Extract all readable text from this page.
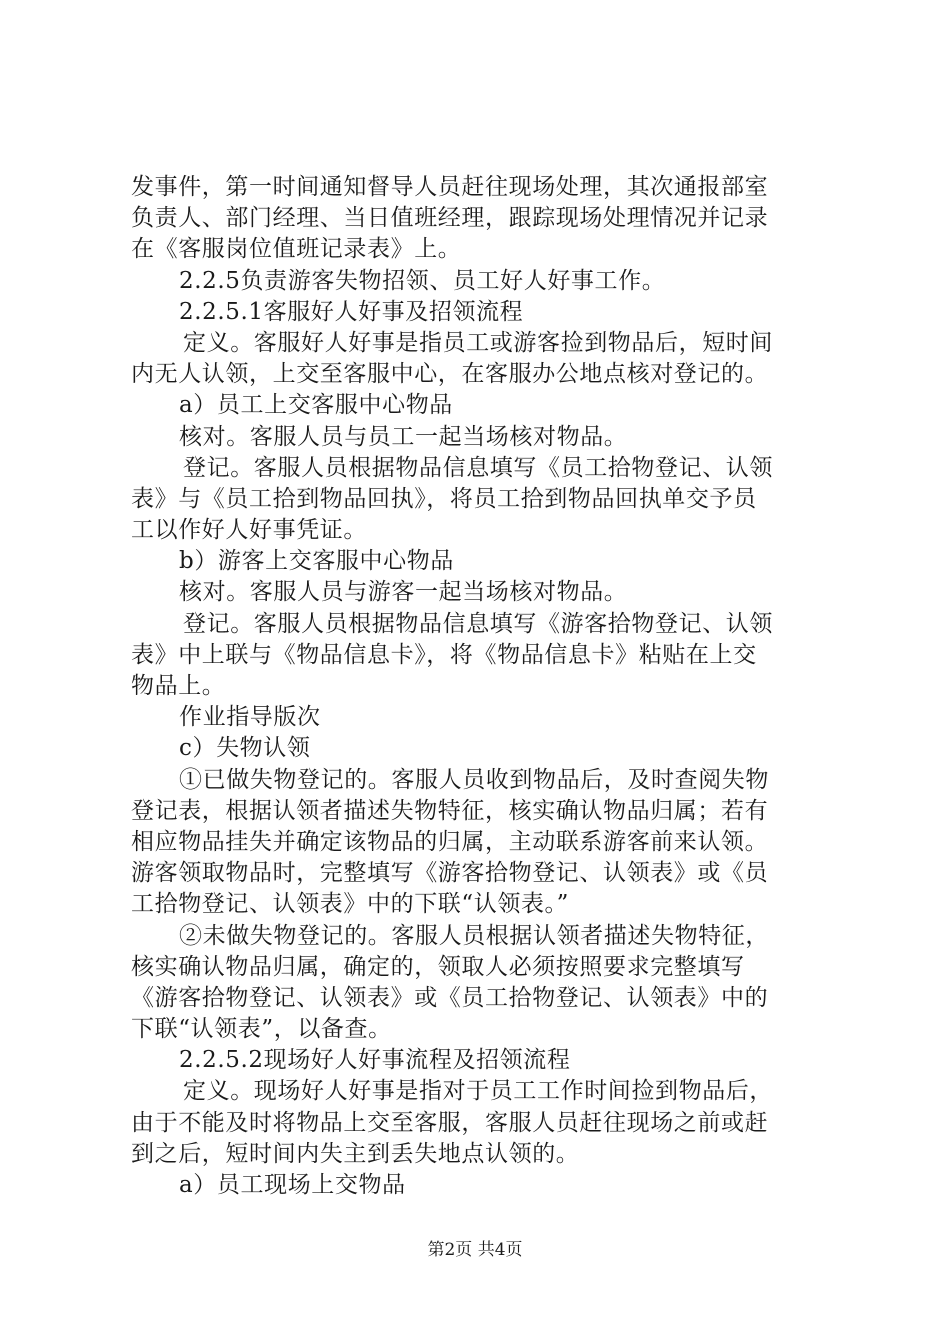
发事件，第一时间通知督导人员赶往现场处理，其次通报部室
负责人、部门经理、当日值班经理，跟踪现场处理情况并记录
在《客服岗位值班记录表》上。
2.2.5负责游客失物招领、员工好人好事工作。
2.2.5.1客服好人好事及招领流程
定义。客服好人好事是指员工或游客捡到物品后，短时间
内无人认领，上交至客服中心，在客服办公地点核对登记的。
a）员工上交客服中心物品
核对。客服人员与员工一起当场核对物品。
登记。客服人员根据物品信息填写《员工拾物登记、认领
表》与《员工拾到物品回执》，将员工拾到物品回执单交予员
工以作好人好事凭证。
b）游客上交客服中心物品
核对。客服人员与游客一起当场核对物品。
登记。客服人员根据物品信息填写《游客拾物登记、认领
表》中上联与《物品信息卡》，将《物品信息卡》粘贴在上交
物品上。
作业指导版次
c）失物认领
①已做失物登记的。客服人员收到物品后，及时查阅失物
登记表，根据认领者描述失物特征，核实确认物品归属；若有
相应物品挂失并确定该物品的归属，主动联系游客前来认领。
游客领取物品时，完整填写《游客拾物登记、认领表》或《员
工拾物登记、认领表》中的下联“认领表。”
②未做失物登记的。客服人员根据认领者描述失物特征，
核实确认物品归属，确定的，领取人必须按照要求完整填写
《游客拾物登记、认领表》或《员工拾物登记、认领表》中的
下联“认领表”，以备查。
2.2.5.2现场好人好事流程及招领流程
定义。现场好人好事是指对于员工工作时间捡到物品后，
由于不能及时将物品上交至客服，客服人员赶往现场之前或赶
到之后，短时间内失主到丢失地点认领的。
a）员工现场上交物品
第2页 共4页
